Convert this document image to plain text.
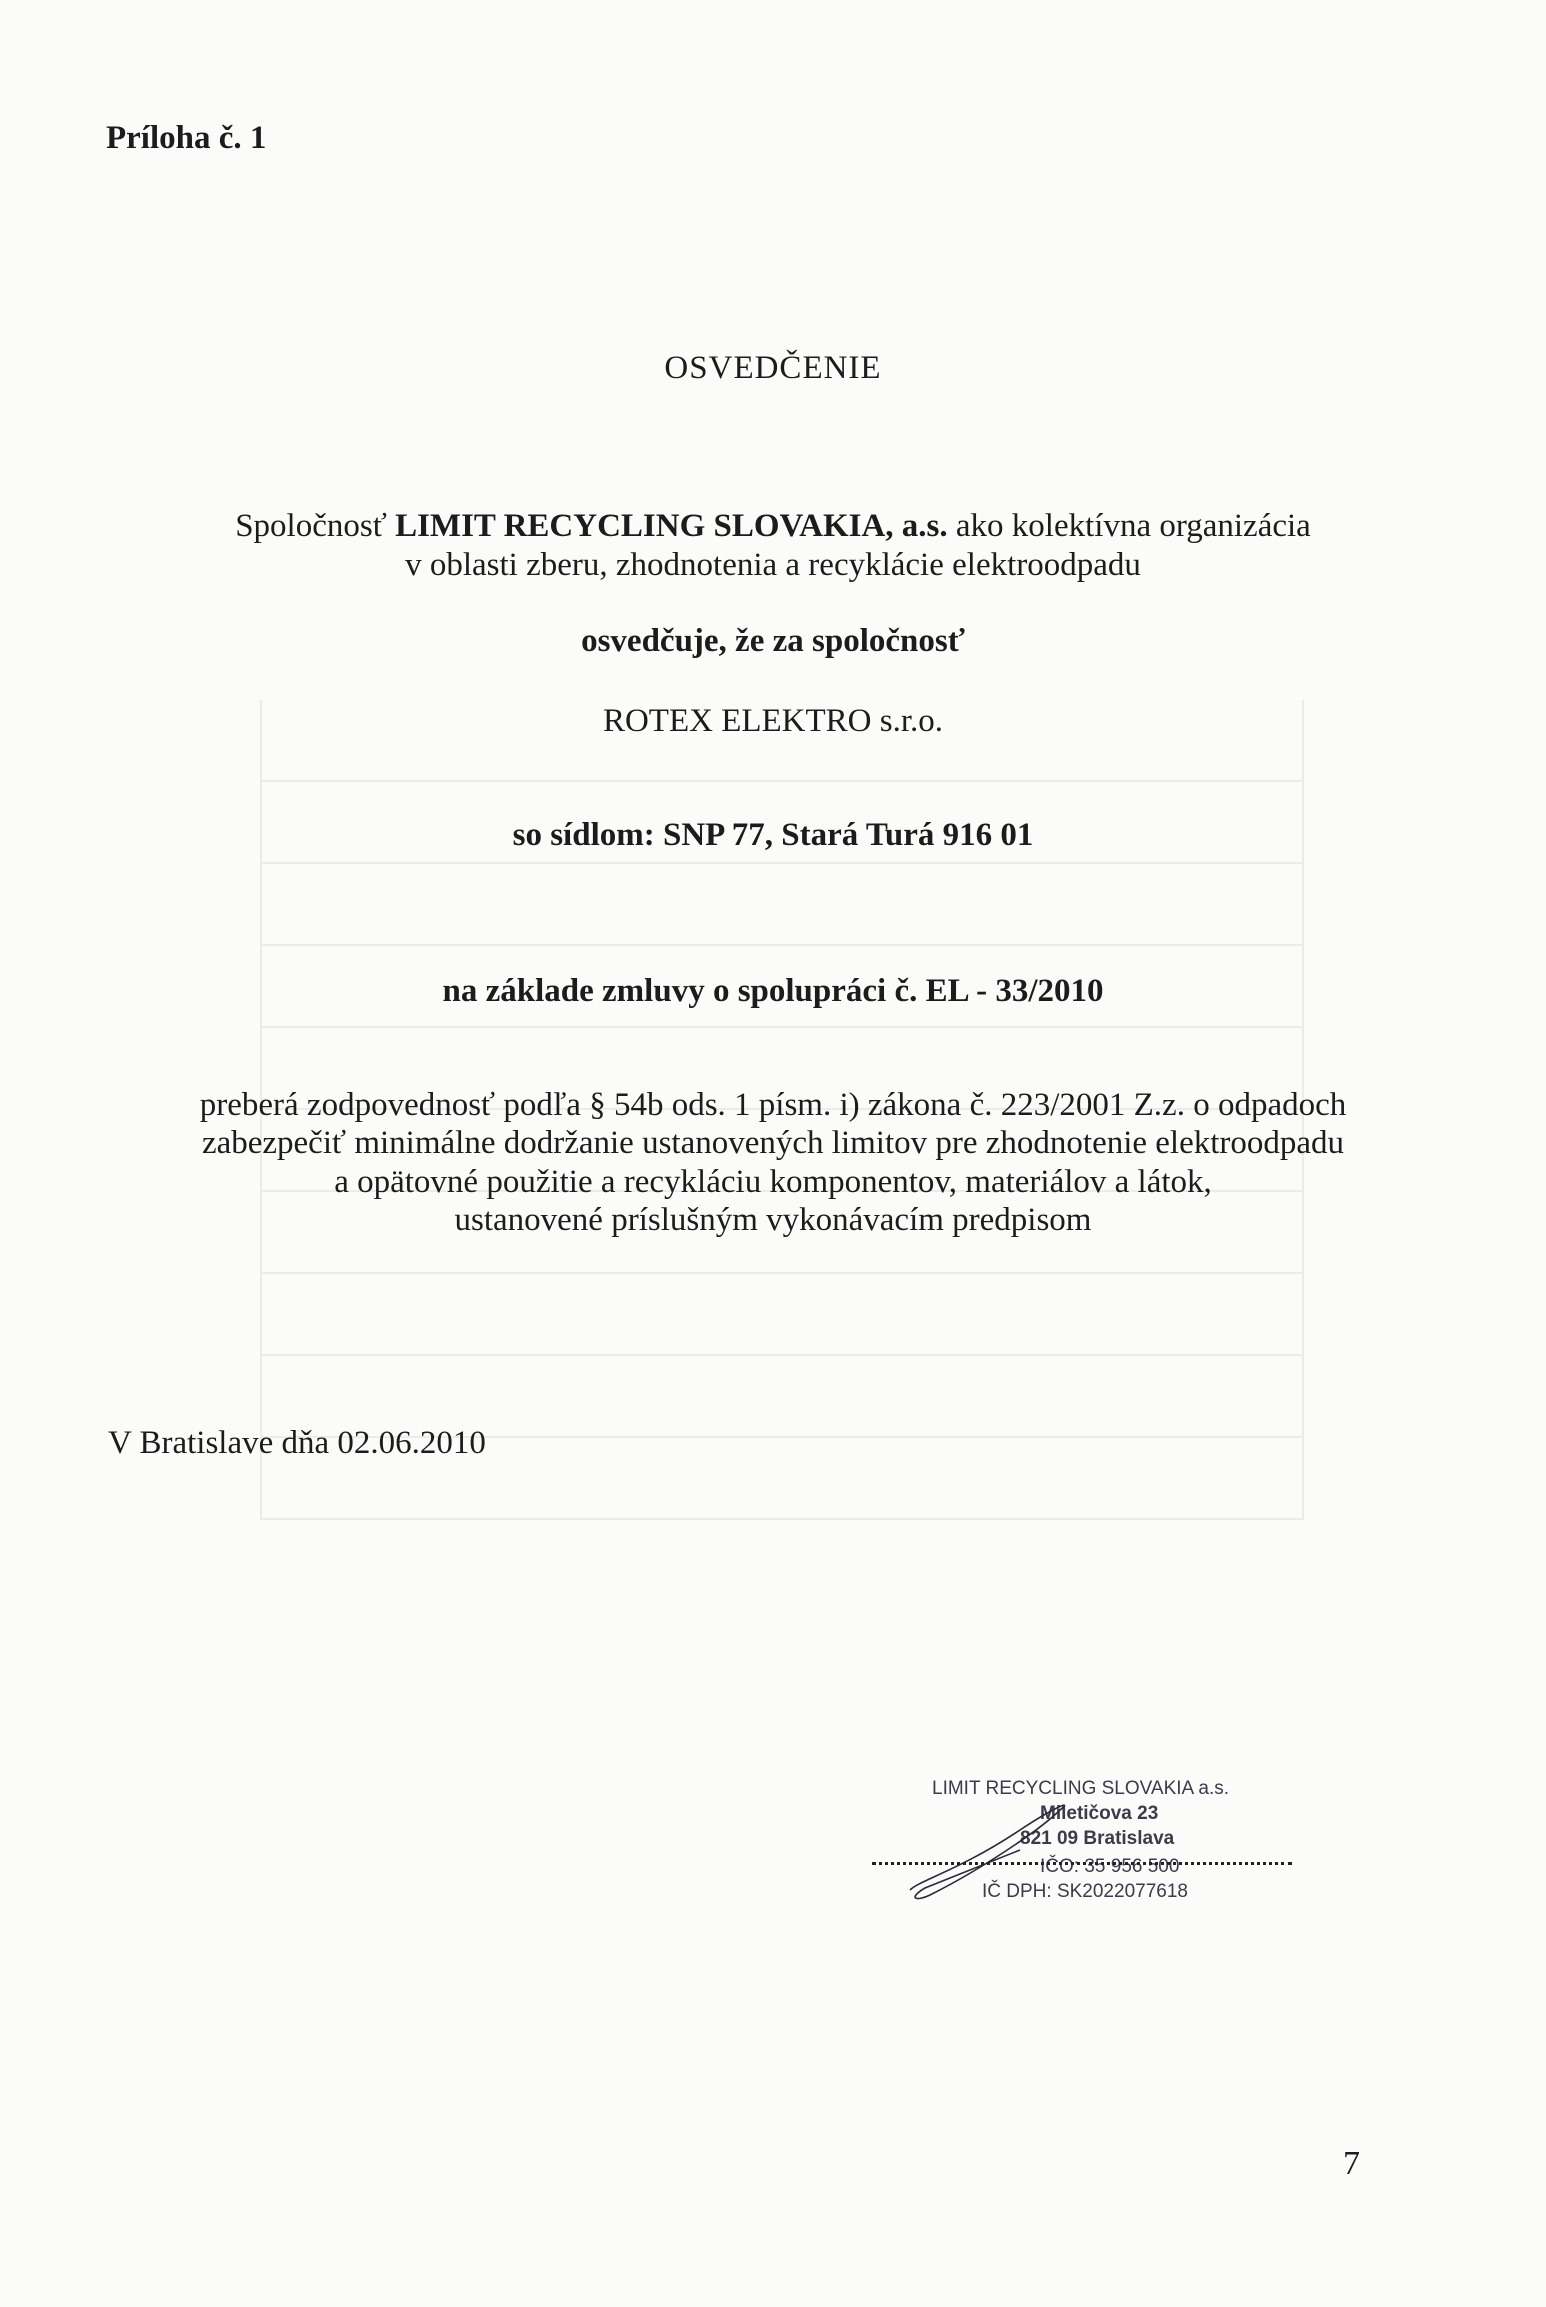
Príloha č. 1
OSVEDČENIE
Spoločnosť LIMIT RECYCLING SLOVAKIA, a.s. ako kolektívna organizácia
v oblasti zberu, zhodnotenia a recyklácie elektroodpadu
osvedčuje, že za spoločnosť
ROTEX ELEKTRO s.r.o.
so sídlom: SNP 77, Stará Turá 916 01
na základe zmluvy o spolupráci č. EL - 33/2010
preberá zodpovednosť podľa § 54b ods. 1 písm. i) zákona č. 223/2001 Z.z. o odpadoch
zabezpečiť minimálne dodržanie ustanovených limitov pre zhodnotenie elektroodpadu
a opätovné použitie a recykláciu komponentov, materiálov a látok,
ustanovené príslušným vykonávacím predpisom
V Bratislave dňa 02.06.2010
LIMIT RECYCLING SLOVAKIA a.s.
Miletičova 23
821 09 Bratislava
IČO: 35 956 500
IČ DPH: SK2022077618
7
